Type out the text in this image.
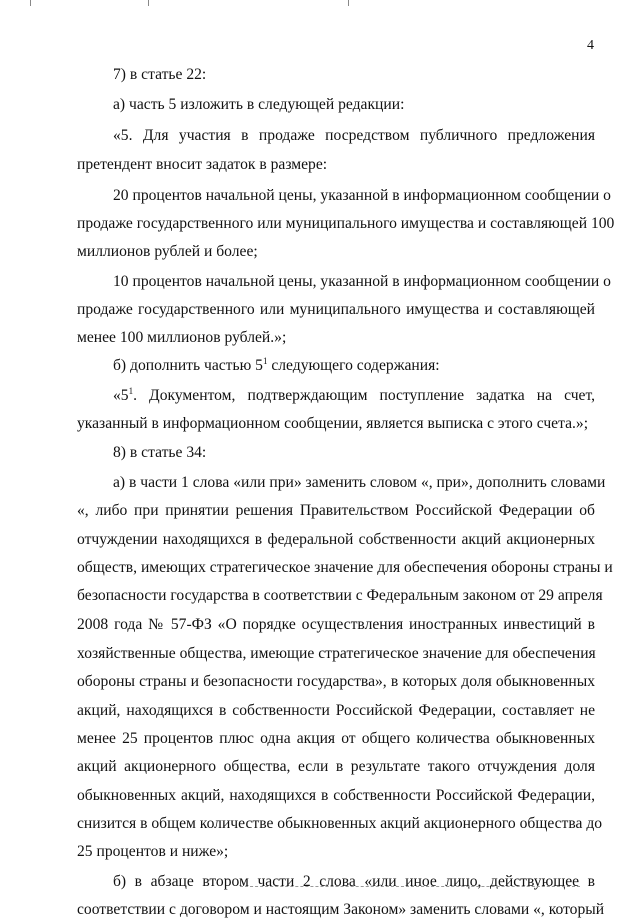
4
7) в статье 22:
а) часть 5 изложить в следующей редакции:
«5. Для участия в продаже посредством публичного предложения
претендент вносит задаток в размере:
20 процентов начальной цены, указанной в информационном сообщении о
продаже государственного или муниципального имущества и составляющей 100
миллионов рублей и более;
10 процентов начальной цены, указанной в информационном сообщении о
продаже государственного или муниципального имущества и составляющей
менее 100 миллионов рублей.»;
б) дополнить частью $5^1$ следующего содержания:
«$5^1$. Документом, подтверждающим поступление задатка на счет,
указанный в информационном сообщении, является выписка с этого счета.»;
8) в статье 34:
а) в части 1 слова «или при» заменить словом «, при», дополнить словами
«, либо при принятии решения Правительством Российской Федерации об
отчуждении находящихся в федеральной собственности акций акционерных
обществ, имеющих стратегическое значение для обеспечения обороны страны и
безопасности государства в соответствии с Федеральным законом от 29 апреля
2008 года № 57-ФЗ «О порядке осуществления иностранных инвестиций в
хозяйственные общества, имеющие стратегическое значение для обеспечения
обороны страны и безопасности государства», в которых доля обыкновенных
акций, находящихся в собственности Российской Федерации, составляет не
менее 25 процентов плюс одна акция от общего количества обыкновенных
акций акционерного общества, если в результате такого отчуждения доля
обыкновенных акций, находящихся в собственности Российской Федерации,
снизится в общем количестве обыкновенных акций акционерного общества до
25 процентов и ниже»;
б) в абзаце втором части 2 слова «или иное лицо, действующее в
соответствии с договором и настоящим Законом» заменить словами «, который
